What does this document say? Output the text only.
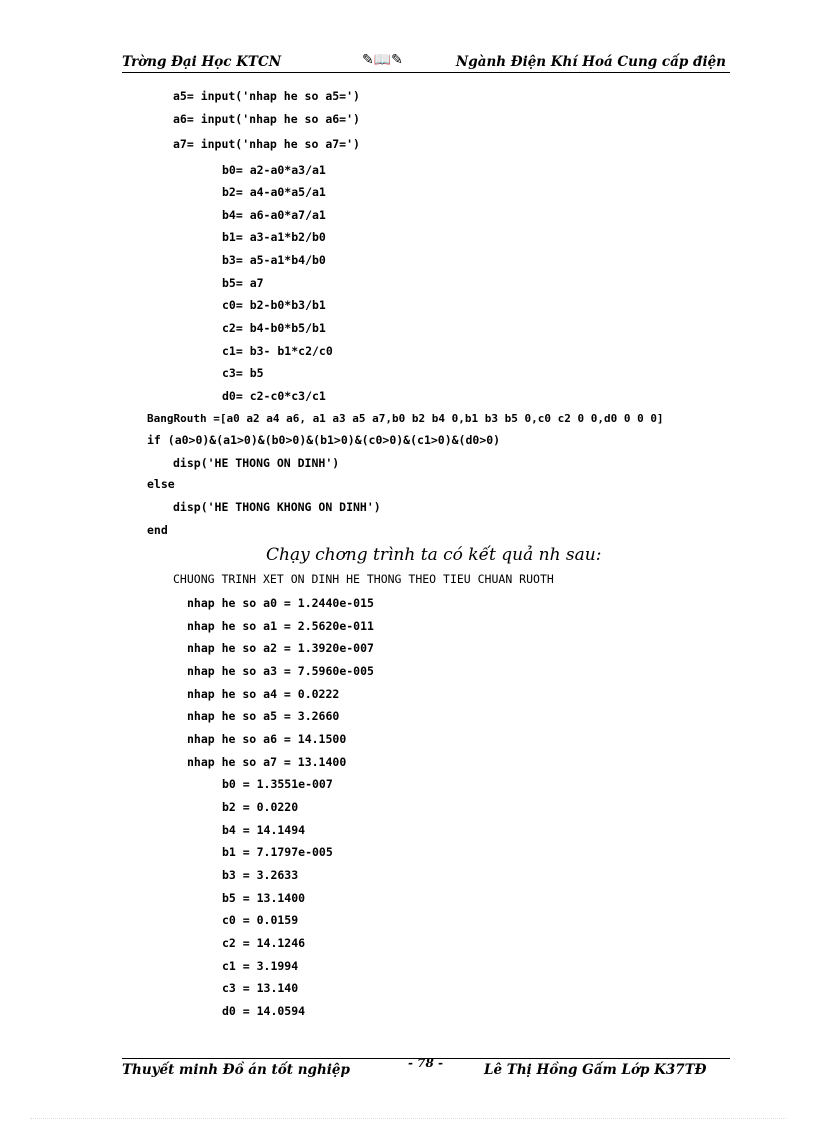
Trờng Đại Học KTCN	✎📖✎	Ngành Điện Khí Hoá Cung cấp điện
a5= input('nhap he so a5=')
a6= input('nhap he so a6=')
a7= input('nhap he so a7=')
b0= a2-a0*a3/a1
b2= a4-a0*a5/a1
b4= a6-a0*a7/a1
b1= a3-a1*b2/b0
b3= a5-a1*b4/b0
b5= a7
c0= b2-b0*b3/b1
c2= b4-b0*b5/b1
c1= b3- b1*c2/c0
c3= b5
d0= c2-c0*c3/c1
BangRouth =[a0 a2 a4 a6, a1 a3 a5 a7,b0 b2 b4 0,b1 b3 b5 0,c0 c2 0 0,d0 0 0 0]
if (a0>0)&(a1>0)&(b0>0)&(b1>0)&(c0>0)&(c1>0)&(d0>0)
disp('HE THONG ON DINH')
else
disp('HE THONG KHONG ON DINH')
end
Chạy chơng trình ta có kết quả nh sau:
CHUONG TRINH XET ON DINH HE THONG THEO TIEU CHUAN RUOTH
nhap he so a0 = 1.2440e-015
nhap he so a1 = 2.5620e-011
nhap he so a2 = 1.3920e-007
nhap he so a3 = 7.5960e-005
nhap he so a4 = 0.0222
nhap he so a5 = 3.2660
nhap he so a6 = 14.1500
nhap he so a7 = 13.1400
b0 = 1.3551e-007
b2 = 0.0220
b4 = 14.1494
b1 = 7.1797e-005
b3 = 3.2633
b5 = 13.1400
c0 = 0.0159
c2 = 14.1246
c1 = 3.1994
c3 = 13.140
d0 = 14.0594
Thuyết minh Đồ án tốt nghiệp	- 78 -	Lê Thị Hồng Gấm Lớp K37TĐ
